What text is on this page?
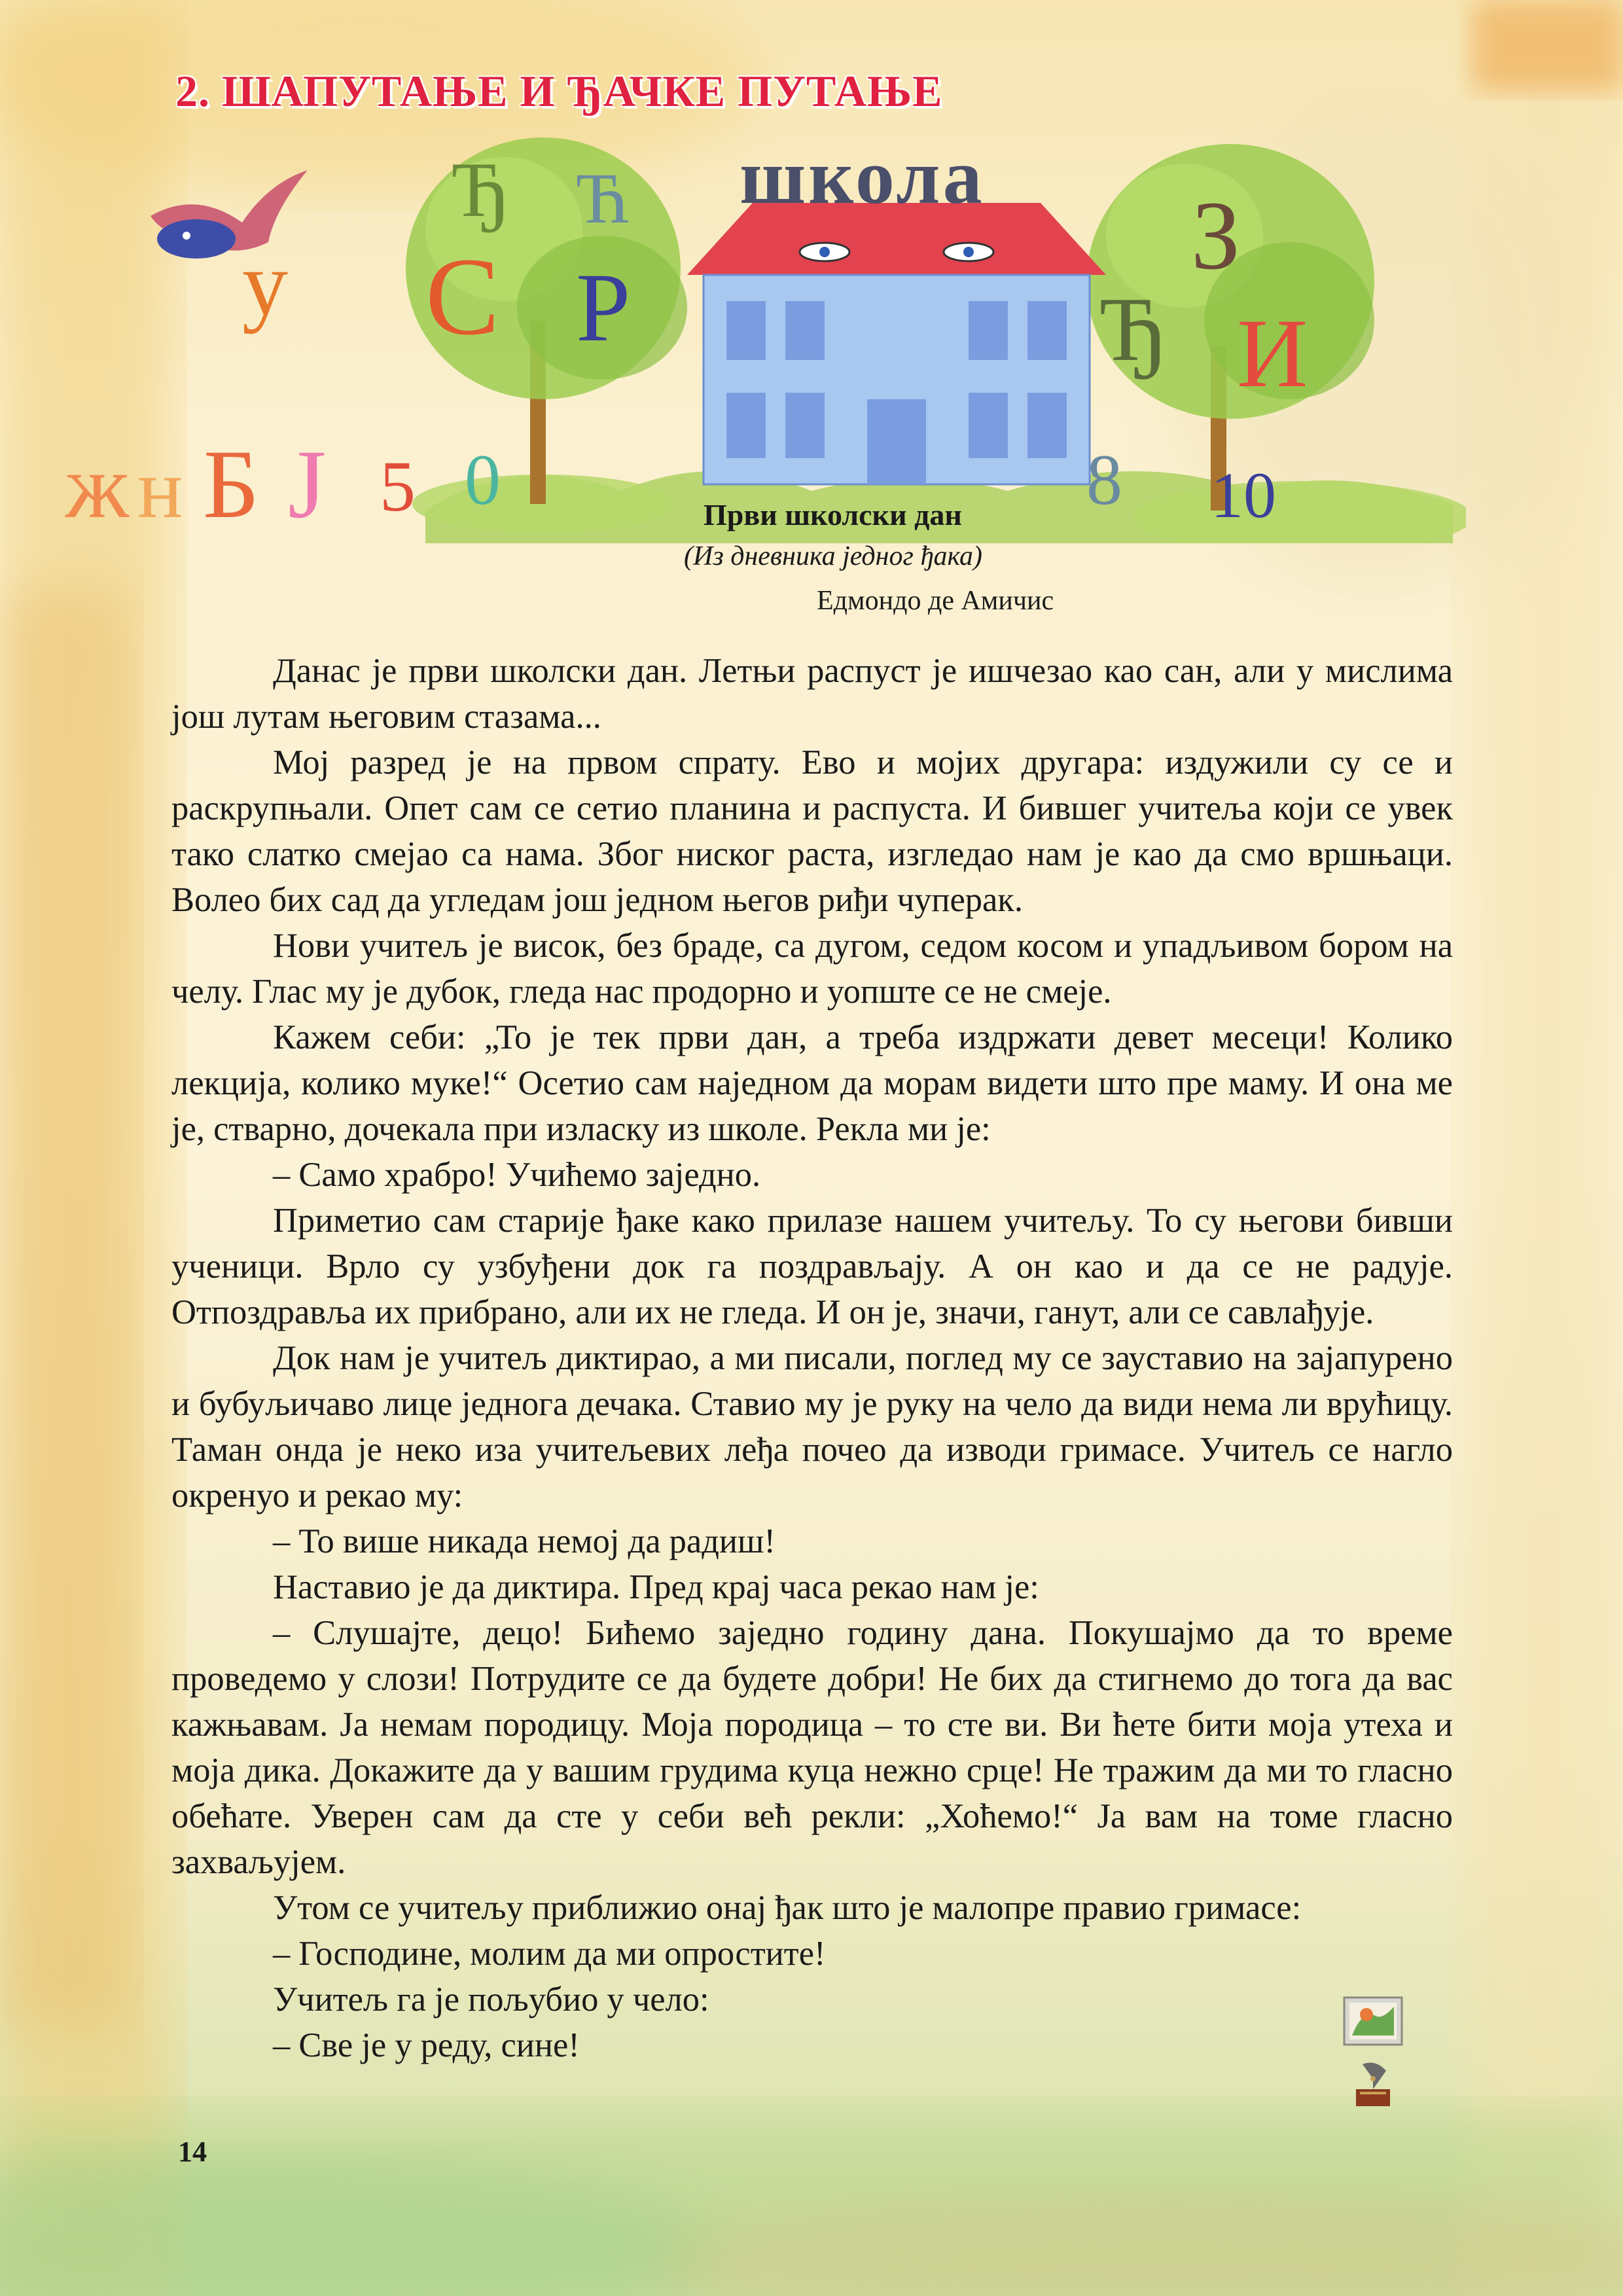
2. ШАПУТАЊЕ И ЂАЧКЕ ПУТАЊЕ
школа
ж н Б Ј 5 0
С
Ђ Ћ
Р
у	З
Ђ И
8 10
Први школски дан
(Из дневника једног ђака)
Едмондо де Амичис

Данас је први школски дан. Летњи распуст је ишчезао као сан, али у мислима још лутам његовим стазама...

Мој разред је на првом спрату. Ево и мојих другара: издужили су се и раскрупњали. Опет сам се сетио планина и распуста. И бившег учитеља који се увек тако слатко смејао са нама. Због ниског раста, изгледао нам је као да смо вршњаци. Волео бих сад да угледам још једном његов риђи чуперак.

Нови учитељ је висок, без браде, са дугом, седом косом и упадљивом бором на челу. Глас му је дубок, гледа нас продорно и уопште се не смеје.

Кажем себи: „То је тек први дан, а треба издржати девет месеци! Колико лекција, колико муке!“ Осетио сам наједном да морам видети што пре маму. И она ме је, стварно, дочекала при изласку из школе. Рекла ми је:

– Само храбро! Учићемо заједно.

Приметио сам старије ђаке како прилазе нашем учитељу. То су његови бивши ученици. Врло су узбуђени док га поздрављају. А он као и да се не радује. Отпоздравља их прибрано, али их не гледа. И он је, значи, ганут, али се савлађује.

Док нам је учитељ диктирао, а ми писали, поглед му се зауставио на зајапурено и бубуљичаво лице једнога дечака. Ставио му је руку на чело да види нема ли врућицу. Таман онда је неко иза учитељевих леђа почео да изводи гримасе. Учитељ се нагло окренуо и рекао му:

– То више никада немој да радиш!

Наставио је да диктира. Пред крај часа рекао нам је:

– Слушајте, децо! Бићемо заједно годину дана. Покушајмо да то време проведемо у слози! Потрудите се да будете добри! Не бих да стигнемо до тога да вас кажњавам. Ја немам породицу. Моја породица – то сте ви. Ви ћете бити моја утеха и моја дика. Докажите да у вашим грудима куца нежно срце! Не тражим да ми то гласно обећате. Уверен сам да сте у себи већ рекли: „Хоћемо!“ Ја вам на томе гласно захваљујем.

Утом се учитељу приближио онај ђак што је малопре правио гримасе:

– Господине, молим да ми опростите!

Учитељ га је пољубио у чело:

– Све је у реду, сине!

14
